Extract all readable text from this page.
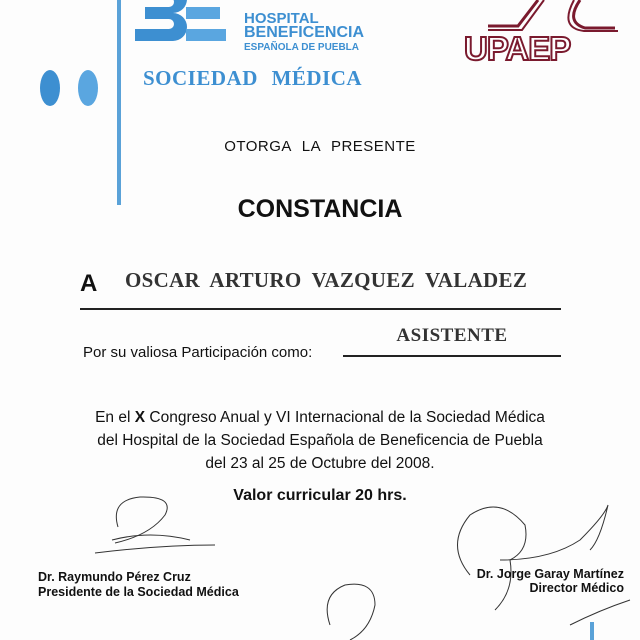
HOSPITAL
BENEFICENCIA
ESPAÑOLA DE PUEBLA
SOCIEDAD MÉDICA
UPAEP
OTORGA LA PRESENTE
CONSTANCIA
A OSCAR ARTURO VAZQUEZ VALADEZ
Por su valiosa Participación como:
ASISTENTE
En el X Congreso Anual y VI Internacional de la Sociedad Médica
del Hospital de la Sociedad Española de Beneficencia de Puebla
del 23 al 25 de Octubre del 2008.
Valor curricular 20 hrs.
Dr. Raymundo Pérez Cruz
Presidente de la Sociedad Médica
Dr. Jorge Garay Martínez
Director Médico
